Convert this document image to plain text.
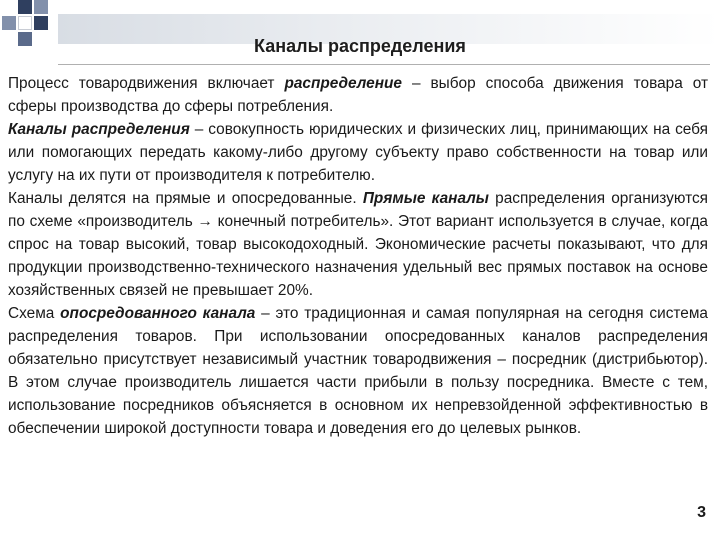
Каналы распределения

Процесс товародвижения включает распределение – выбор способа движения товара от сферы производства до сферы потребления.

Каналы распределения – совокупность юридических и физических лиц, принимающих на себя или помогающих передать какому-либо другому субъекту право собственности на товар или услугу на их пути от производителя к потребителю.

Каналы делятся на прямые и опосредованные. Прямые каналы распределения организуются по схеме «производитель → конечный потребитель». Этот вариант используется в случае, когда спрос на товар высокий, товар высокодоходный. Экономические расчеты показывают, что для продукции производственно-технического назначения удельный вес прямых поставок на основе хозяйственных связей не превышает 20%.

Схема опосредованного канала – это традиционная и самая популярная на сегодня система распределения товаров. При использовании опосредованных каналов распределения обязательно присутствует независимый участник товародвижения – посредник (дистрибьютор). В этом случае производитель лишается части прибыли в пользу посредника. Вместе с тем, использование посредников объясняется в основном их непревзойденной эффективностью в обеспечении широкой доступности товара и доведения его до целевых рынков.

3
